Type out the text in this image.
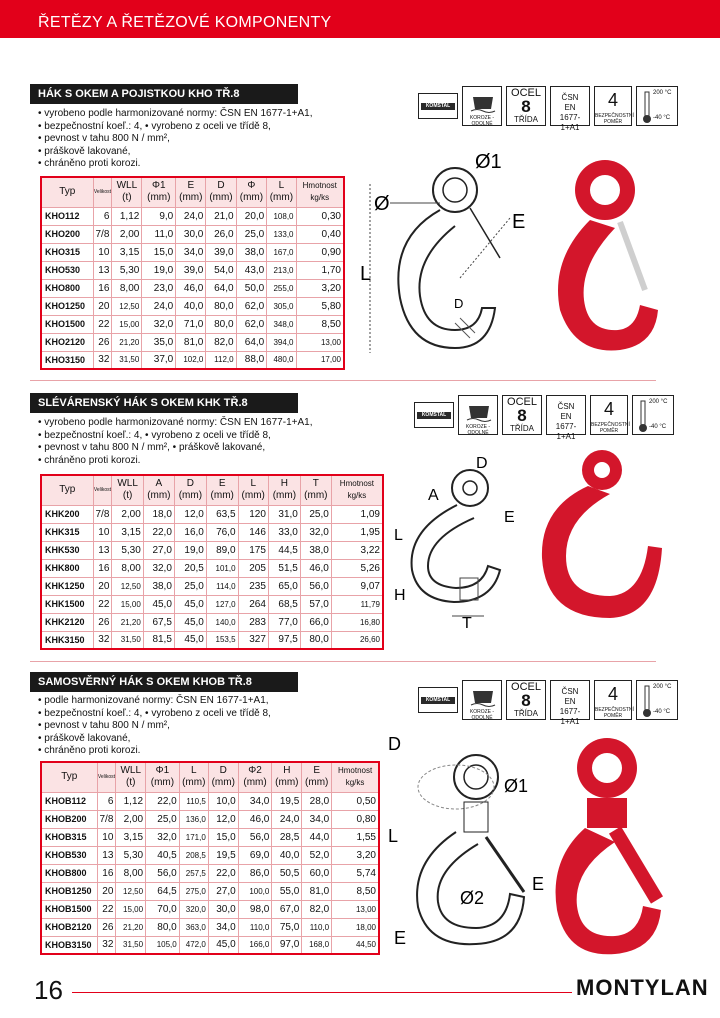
ŘETĚZY A ŘETĚZOVÉ KOMPONENTY
HÁK S OKEM A POJISTKOU KHO TŘ.8
• vyrobeno podle harmonizované normy: ČSN EN 1677-1+A1,
• bezpečnostní koeľ.: 4, • vyrobeno z oceli ve třídě 8,
• pevnost v tahu 800 N / mm²,
• práškově lakované,
• chráněno proti korozi.
KOMSTAL
KOROZE - ODOLNÉ
OCEL
8
TŘÍDA
ČSN EN 1677-1+A1
4
BEZPEČNOSTNÍ POMĚR
200 °C
-40 °C
Typ	Velikost	WLL (t)	Φ1 (mm)	E (mm)	D (mm)	Φ (mm)	L (mm)	Hmotnost kg/ks
KHO112	6	1,12	9,0	24,0	21,0	20,0	108,0	0,30
KHO200	7/8	2,00	11,0	30,0	26,0	25,0	133,0	0,40
KHO315	10	3,15	15,0	34,0	39,0	38,0	167,0	0,90
KHO530	13	5,30	19,0	39,0	54,0	43,0	213,0	1,70
KHO800	16	8,00	23,0	46,0	64,0	50,0	255,0	3,20
KHO1250	20	12,50	24,0	40,0	80,0	62,0	305,0	5,80
KHO1500	22	15,00	32,0	71,0	80,0	62,0	348,0	8,50
KHO2120	26	21,20	35,0	81,0	82,0	64,0	394,0	13,00
KHO3150	32	31,50	37,0	102,0	112,0	88,0	480,0	17,00
Ø1
Ø
E
L
D
SLÉVÁRENSKÝ HÁK S OKEM KHK TŘ.8
• vyrobeno podle harmonizované normy: ČSN EN 1677-1+A1,
• bezpečnostní koeľ.: 4, • vyrobeno z oceli ve třídě 8,
• pevnost v tahu 800 N / mm², • práškově lakované,
• chráněno proti korozi.
KOMSTAL
KOROZE - ODOLNÉ
OCEL
8
TŘÍDA
ČSN EN 1677-1+A1
4
BEZPEČNOSTNÍ POMĚR
200 °C
-40 °C
Typ	Velikost	WLL (t)	A (mm)	D (mm)	E (mm)	L (mm)	H (mm)	T (mm)	Hmotnost kg/ks
KHK200	7/8	2,00	18,0	12,0	63,5	120	31,0	25,0	1,09
KHK315	10	3,15	22,0	16,0	76,0	146	33,0	32,0	1,95
KHK530	13	5,30	27,0	19,0	89,0	175	44,5	38,0	3,22
KHK800	16	8,00	32,0	20,5	101,0	205	51,5	46,0	5,26
KHK1250	20	12,50	38,0	25,0	114,0	235	65,0	56,0	9,07
KHK1500	22	15,00	45,0	45,0	127,0	264	68,5	57,0	11,79
KHK2120	26	21,20	67,5	45,0	140,0	283	77,0	66,0	16,80
KHK3150	32	31,50	81,5	45,0	153,5	327	97,5	80,0	26,60
D
A
E
L
H
T
SAMOSVĚRNÝ HÁK S OKEM KHOB TŘ.8
• podle harmonizované normy: ČSN EN 1677-1+A1,
• bezpečnostní koeľ.: 4, • vyrobeno z oceli ve třídě 8,
• pevnost v tahu 800 N / mm²,
• práškově lakované,
• chráněno proti korozi.
KOMSTAL
KOROZE - ODOLNÉ
OCEL
8
TŘÍDA
ČSN EN 1677-1+A1
4
BEZPEČNOSTNÍ POMĚR
200 °C
-40 °C
Typ	Velikost	WLL (t)	Φ1 (mm)	L (mm)	D (mm)	Φ2 (mm)	H (mm)	E (mm)	Hmotnost kg/ks
KHOB112	6	1,12	22,0	110,5	10,0	34,0	19,5	28,0	0,50
KHOB200	7/8	2,00	25,0	136,0	12,0	46,0	24,0	34,0	0,80
KHOB315	10	3,15	32,0	171,0	15,0	56,0	28,5	44,0	1,55
KHOB530	13	5,30	40,5	208,5	19,5	69,0	40,0	52,0	3,20
KHOB800	16	8,00	56,0	257,5	22,0	86,0	50,5	60,0	5,74
KHOB1250	20	12,50	64,5	275,0	27,0	100,0	55,0	81,0	8,50
KHOB1500	22	15,00	70,0	320,0	30,0	98,0	67,0	82,0	13,00
KHOB2120	26	21,20	80,0	363,0	34,0	110,0	75,0	110,0	18,00
KHOB3150	32	31,50	105,0	472,0	45,0	166,0	97,0	168,0	44,50
D
Ø1
L
E
Ø2
E
16	MONTYLAN
